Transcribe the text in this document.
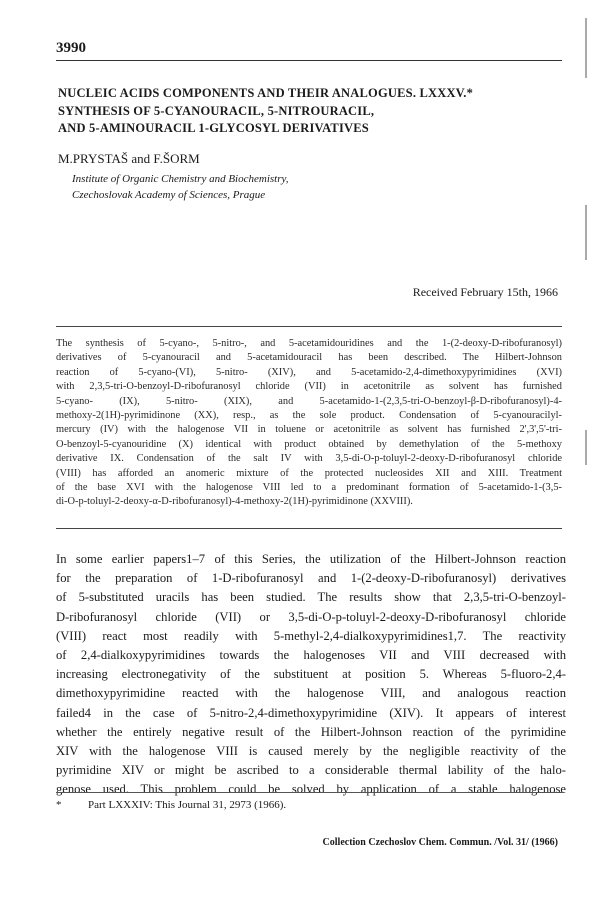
3990
NUCLEIC ACIDS COMPONENTS AND THEIR ANALOGUES. LXXXV.*
SYNTHESIS OF 5-CYANOURACIL, 5-NITROURACIL,
AND 5-AMINOURACIL 1-GLYCOSYL DERIVATIVES
M.PRYSTAŠ and F.ŠORM
Institute of Organic Chemistry and Biochemistry,
Czechoslovak Academy of Sciences, Prague
Received February 15th, 1966

The synthesis of 5-cyano-, 5-nitro-, and 5-acetamidouridines and the 1-(2-deoxy-D-ribofuranosyl)

derivatives of 5-cyanouracil and 5-acetamidouracil has been described. The Hilbert-Johnson

reaction of 5-cyano-(VI), 5-nitro- (XIV), and 5-acetamido-2,4-dimethoxypyrimidines (XVI)

with 2,3,5-tri-O-benzoyl-D-ribofuranosyl chloride (VII) in acetonitrile as solvent has furnished

5-cyano- (IX), 5-nitro- (XIX), and 5-acetamido-1-(2,3,5-tri-O-benzoyl-β-D-ribofuranosyl)-4-

methoxy-2(1H)-pyrimidinone (XX), resp., as the sole product. Condensation of 5-cyanouracilyl-

mercury (IV) with the halogenose VII in toluene or acetonitrile as solvent has furnished 2',3',5'-tri-

O-benzoyl-5-cyanouridine (X) identical with product obtained by demethylation of the 5-methoxy

derivative IX. Condensation of the salt IV with 3,5-di-O-p-toluyl-2-deoxy-D-ribofuranosyl chloride

(VIII) has afforded an anomeric mixture of the protected nucleosides XII and XIII. Treatment

of the base XVI with the halogenose VIII led to a predominant formation of 5-acetamido-1-(3,5-

di-O-p-toluyl-2-deoxy-α-D-ribofuranosyl)-4-methoxy-2(1H)-pyrimidinone (XXVIII).

In some earlier papers1–7 of this Series, the utilization of the Hilbert-Johnson reaction

for the preparation of 1-D-ribofuranosyl and 1-(2-deoxy-D-ribofuranosyl) derivatives

of 5-substituted uracils has been studied. The results show that 2,3,5-tri-O-benzoyl-

D-ribofuranosyl chloride (VII) or 3,5-di-O-p-toluyl-2-deoxy-D-ribofuranosyl chloride

(VIII) react most readily with 5-methyl-2,4-dialkoxypyrimidines1,7. The reactivity

of 2,4-dialkoxypyrimidines towards the halogenoses VII and VIII decreased with

increasing electronegativity of the substituent at position 5. Whereas 5-fluoro-2,4-

dimethoxypyrimidine reacted with the halogenose VIII, and analogous reaction

failed4 in the case of 5-nitro-2,4-dimethoxypyrimidine (XIV). It appears of interest

whether the entirely negative result of the Hilbert-Johnson reaction of the pyrimidine

XIV with the halogenose VIII is caused merely by the negligible reactivity of the

pyrimidine XIV or might be ascribed to a considerable thermal lability of the halo-

genose used. This problem could be solved by application of a stable halogenose

* Part LXXXIV: This Journal 31, 2973 (1966).
Collection Czechoslov Chem. Commun. /Vol. 31/ (1966)
